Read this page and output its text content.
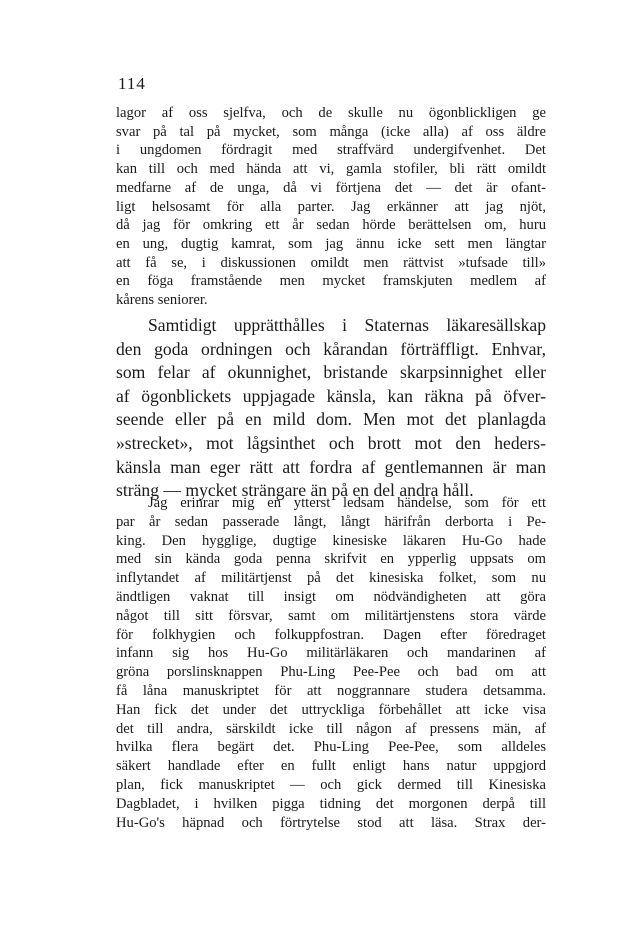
114
lagor af oss sjelfva, och de skulle nu ögonblickligen ge
svar på tal på mycket, som många (icke alla) af oss äldre
i ungdomen fördragit med straffvärd undergifvenhet. Det
kan till och med hända att vi, gamla stofiler, bli rätt omildt
medfarne af de unga, då vi förtjena det — det är ofant-
ligt helsosamt för alla parter. Jag erkänner att jag njöt,
då jag för omkring ett år sedan hörde berättelsen om, huru
en ung, dugtig kamrat, som jag ännu icke sett men längtar
att få se, i diskussionen omildt men rättvist »tufsade till»
en föga framstående men mycket framskjuten medlem af
kårens seniorer.
Samtidigt upprätthålles i Staternas läkaresällskap
den goda ordningen och kårandan förträffligt. Enhvar,
som felar af okunnighet, bristande skarpsinnighet eller
af ögonblickets uppjagade känsla, kan räkna på öfver-
seende eller på en mild dom. Men mot det planlagda
»strecket», mot lågsinthet och brott mot den heders-
känsla man eger rätt att fordra af gentlemannen är man
sträng — mycket strängare än på en del andra håll.
Jag erinrar mig en ytterst ledsam händelse, som för ett
par år sedan passerade långt, långt härifrån derborta i Pe-
king. Den hygglige, dugtige kinesiske läkaren Hu-Go hade
med sin kända goda penna skrifvit en ypperlig uppsats om
inflytandet af militärtjenst på det kinesiska folket, som nu
ändtligen vaknat till insigt om nödvändigheten att göra
något till sitt försvar, samt om militärtjenstens stora värde
för folkhygien och folkuppfostran. Dagen efter föredraget
infann sig hos Hu-Go militärläkaren och mandarinen af
gröna porslinsknappen Phu-Ling Pee-Pee och bad om att
få låna manuskriptet för att noggrannare studera detsamma.
Han fick det under det uttryckliga förbehållet att icke visa
det till andra, särskildt icke till någon af pressens män, af
hvilka flera begärt det. Phu-Ling Pee-Pee, som alldeles
säkert handlade efter en fullt enligt hans natur uppgjord
plan, fick manuskriptet — och gick dermed till Kinesiska
Dagbladet, i hvilken pigga tidning det morgonen derpå till
Hu-Go's häpnad och förtrytelse stod att läsa. Strax der-
